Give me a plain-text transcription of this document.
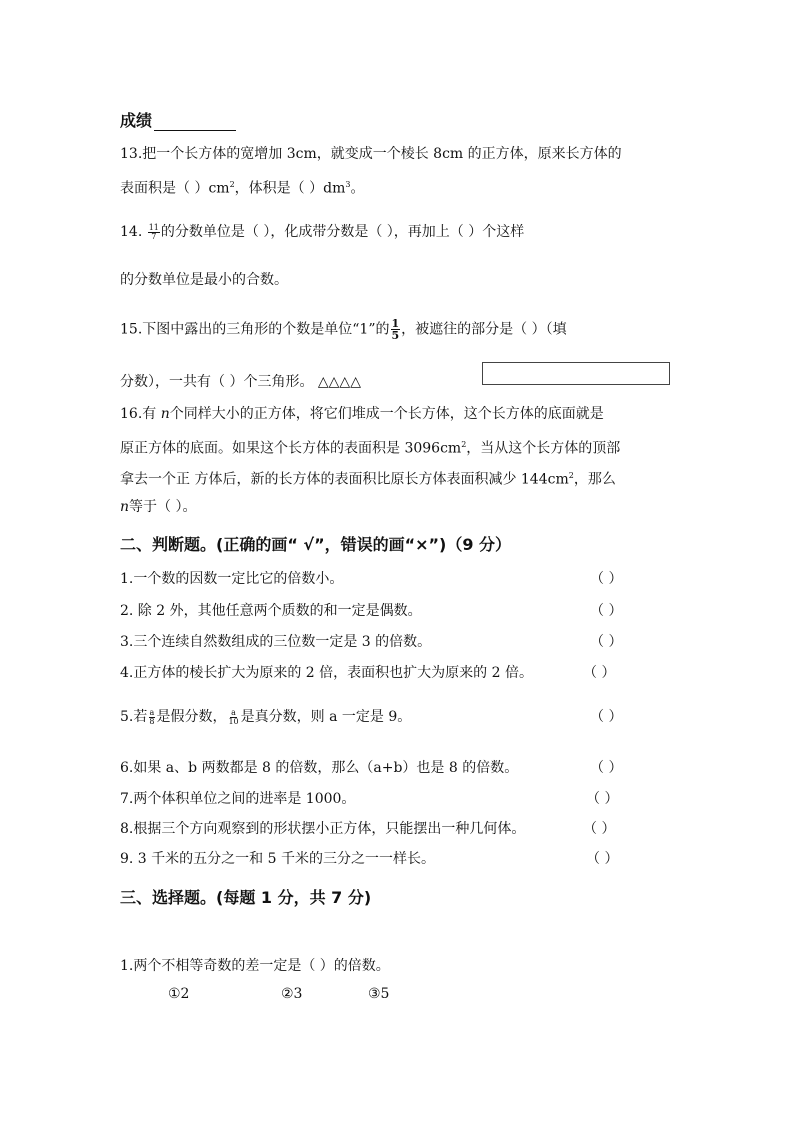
成绩
13.把一个长方体的宽增加 3cm，就变成一个棱长 8cm 的正方体，原来长方体的
表面积是（ ）$cm^2$，体积是（ ）$dm^3$。
14. $\frac{11}{7}$ 的分数单位是（ ），化成带分数是（ ），再加上（ ）个这样
的分数单位是最小的合数。
15.下图中露出的三角形的个数是单位“1”的 $\frac{1}{5}$ ，被遮往的部分是（ ）（填
分数），一共有（ ）个三角形。 △△△△
16.有 n个同样大小的正方体，将它们堆成一个长方体，这个长方体的底面就是
原正方体的底面。如果这个长方体的表面积是 $3096cm^2$，当从这个长方体的顶部
拿去一个正 方体后，新的长方体的表面积比原长方体表面积减少 $144cm^2$，那么
n等于（ ）。
二、判断题。(正确的画“ √”，错误的画“×”)（9 分）
1.一个数的因数一定比它的倍数小。	（ ）
2. 除 2 外，其他任意两个质数的和一定是偶数。	（ ）
3.三个连续自然数组成的三位数一定是 3 的倍数。	（ ）
4.正方体的棱长扩大为原来的 2 倍，表面积也扩大为原来的 2 倍。	（ ）
5.若 $\frac{a}{8}$ 是假分数， $\frac{a}{10}$ 是真分数，则 a 一定是 9。	（ ）
6.如果 a、b 两数都是 8 的倍数，那么（a+b）也是 8 的倍数。	（ ）
7.两个体积单位之间的进率是 1000。	（ ）
8.根据三个方向观察到的形状摆小正方体，只能摆出一种几何体。	（ ）
9. 3 千米的五分之一和 5 千米的三分之一一样长。	（ ）
三、选择题。(每题 1 分，共 7 分)
1.两个不相等奇数的差一定是（ ）的倍数。
①2	②3	③5
